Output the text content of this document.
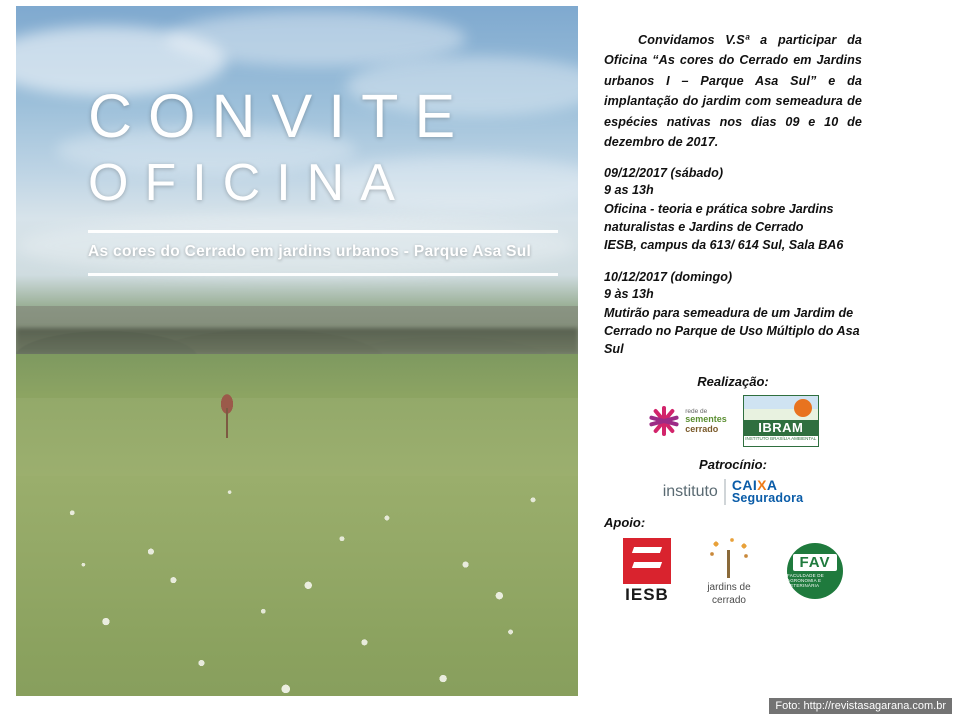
CONVITE
OFICINA
As cores do Cerrado em jardins urbanos - Parque Asa Sul

Convidamos V.Sª a participar da Oficina “As cores do Cerrado em Jardins urbanos I – Parque Asa Sul” e da implantação do jardim com semeadura de espécies nativas nos dias 09 e 10 de dezembro de 2017.

09/12/2017 (sábado)
9 as 13h
Oficina - teoria e prática sobre Jardins naturalistas e Jardins de Cerrado
IESB, campus da 613/ 614 Sul, Sala BA6
10/12/2017 (domingo)
9 às 13h
Mutirão para semeadura de um Jardim de Cerrado no Parque de Uso Múltiplo do Asa Sul
Realização:
rede de
sementes
cerrado	IBRAM
INSTITUTO BRASÍLIA AMBIENTAL
Patrocínio:
instituto CAIXA
Seguradora
Apoio:
IESB	jardins de
cerrado
FAV
FACULDADE DE AGRONOMIA E VETERINÁRIA
Foto: http://revistasagarana.com.br
